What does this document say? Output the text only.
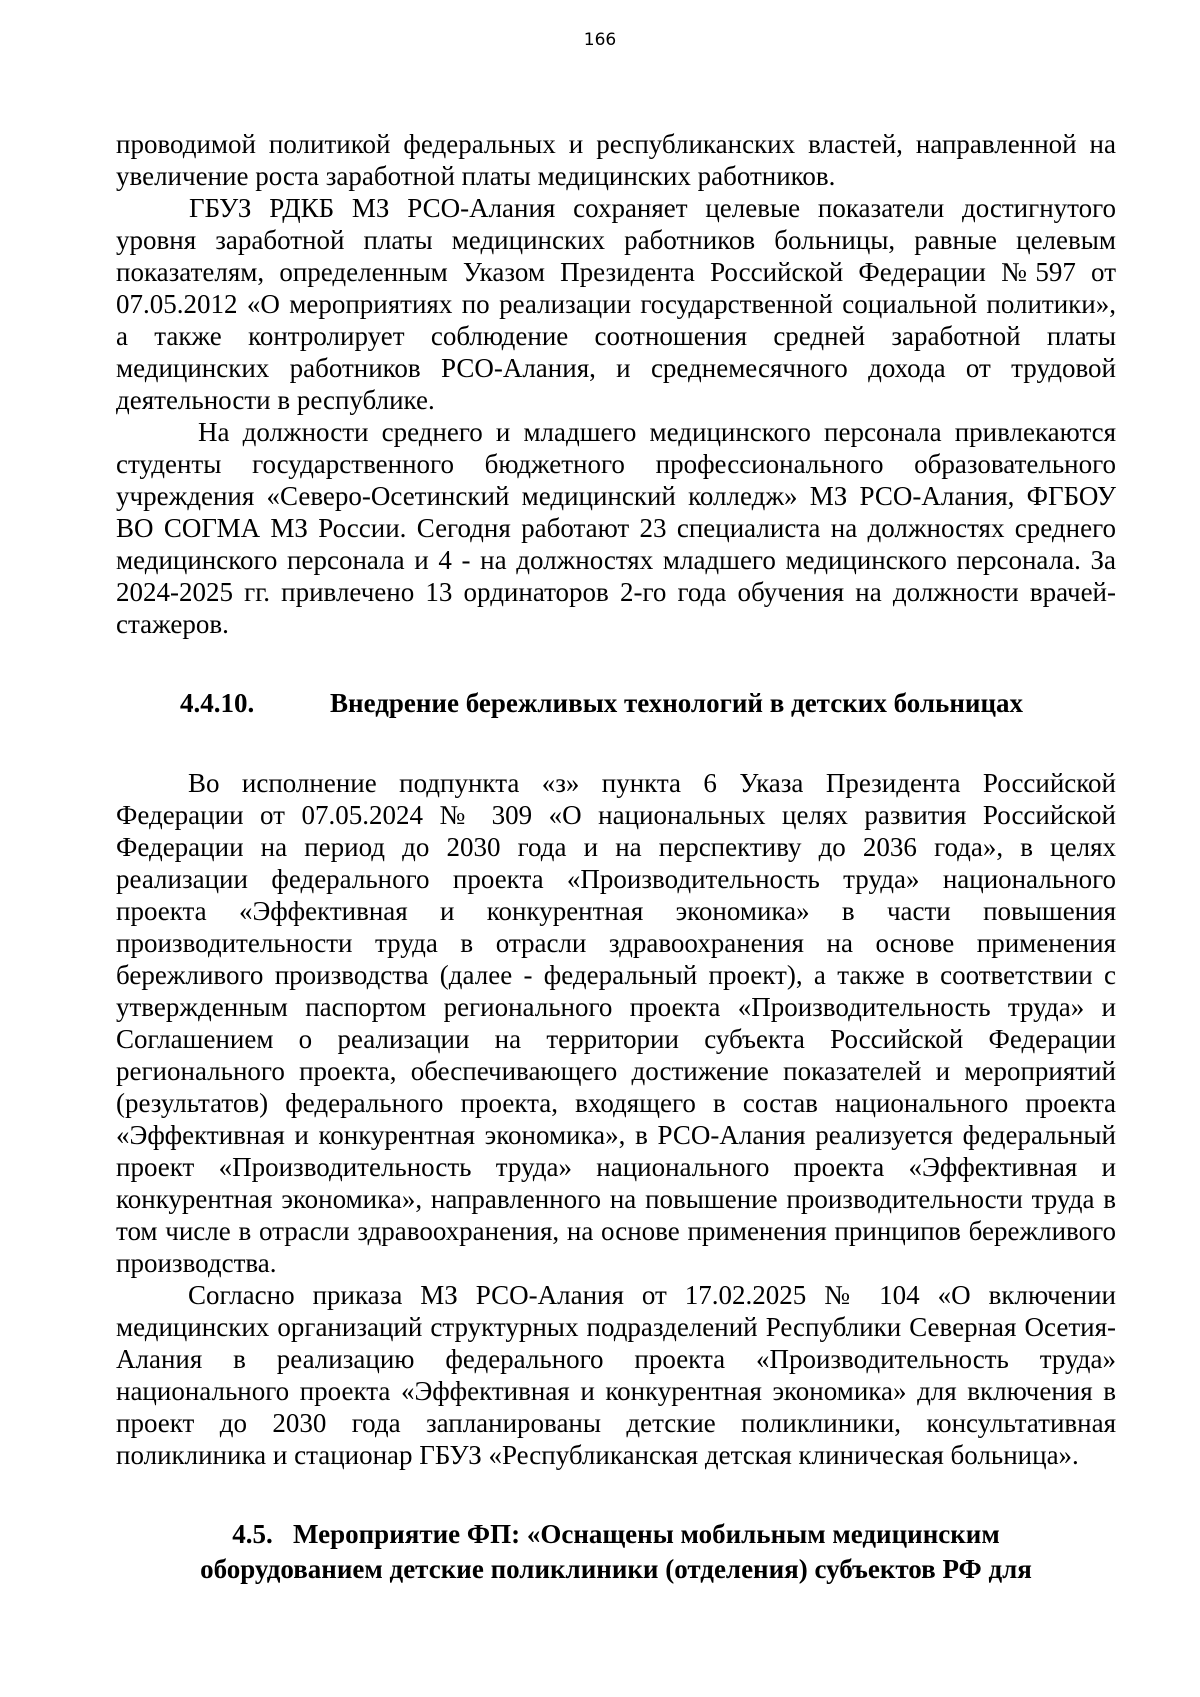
166

проводимой политикой федеральных и республиканских властей, направленной на увеличение роста заработной платы медицинских работников.

ГБУЗ РДКБ МЗ РСО-Алания сохраняет целевые показатели достигнутого уровня заработной платы медицинских работников больницы, равные целевым показателям, определенным Указом Президента Российской Федерации №597 от 07.05.2012 «О мероприятиях по реализации государственной социальной политики», а также контролирует соблюдение соотношения средней заработной платы медицинских работников РСО-Алания, и среднемесячного дохода от трудовой деятельности в республике.

На должности среднего и младшего медицинского персонала привлекаются студенты государственного бюджетного профессионального образовательного учреждения «Северо-Осетинский медицинский колледж» МЗ РСО-Алания, ФГБОУ ВО СОГМА МЗ России. Сегодня работают 23 специалиста на должностях среднего медицинского персонала и 4 - на должностях младшего медицинского персонала. За 2024-2025 гг. привлечено 13 ординаторов 2-го года обучения на должности врачей-стажеров.

4.4.10.	Внедрение бережливых технологий в детских больницах

Во исполнение подпункта «з» пункта 6 Указа Президента Российской Федерации от 07.05.2024 № 309 «О национальных целях развития Российской Федерации на период до 2030 года и на перспективу до 2036 года», в целях реализации федерального проекта «Производительность труда» национального проекта «Эффективная и конкурентная экономика» в части повышения производительности труда в отрасли здравоохранения на основе применения бережливого производства (далее - федеральный проект), а также в соответствии с утвержденным паспортом регионального проекта «Производительность труда» и Соглашением о реализации на территории субъекта Российской Федерации регионального проекта, обеспечивающего достижение показателей и мероприятий (результатов) федерального проекта, входящего в состав национального проекта «Эффективная и конкурентная экономика», в РСО-Алания реализуется федеральный проект «Производительность труда» национального проекта «Эффективная и конкурентная экономика», направленного на повышение производительности труда в том числе в отрасли здравоохранения, на основе применения принципов бережливого производства.

Согласно приказа МЗ РСО-Алания от 17.02.2025 № 104 «О включении медицинских организаций структурных подразделений Республики Северная Осетия- Алания в реализацию федерального проекта «Производительность труда» национального проекта «Эффективная и конкурентная экономика» для включения в проект до 2030 года запланированы детские поликлиники, консультативная поликлиника и стационар ГБУЗ «Республиканская детская клиническая больница».

4.5. Мероприятие ФП: «Оснащены мобильным медицинским
оборудованием детские поликлиники (отделения) субъектов РФ для
